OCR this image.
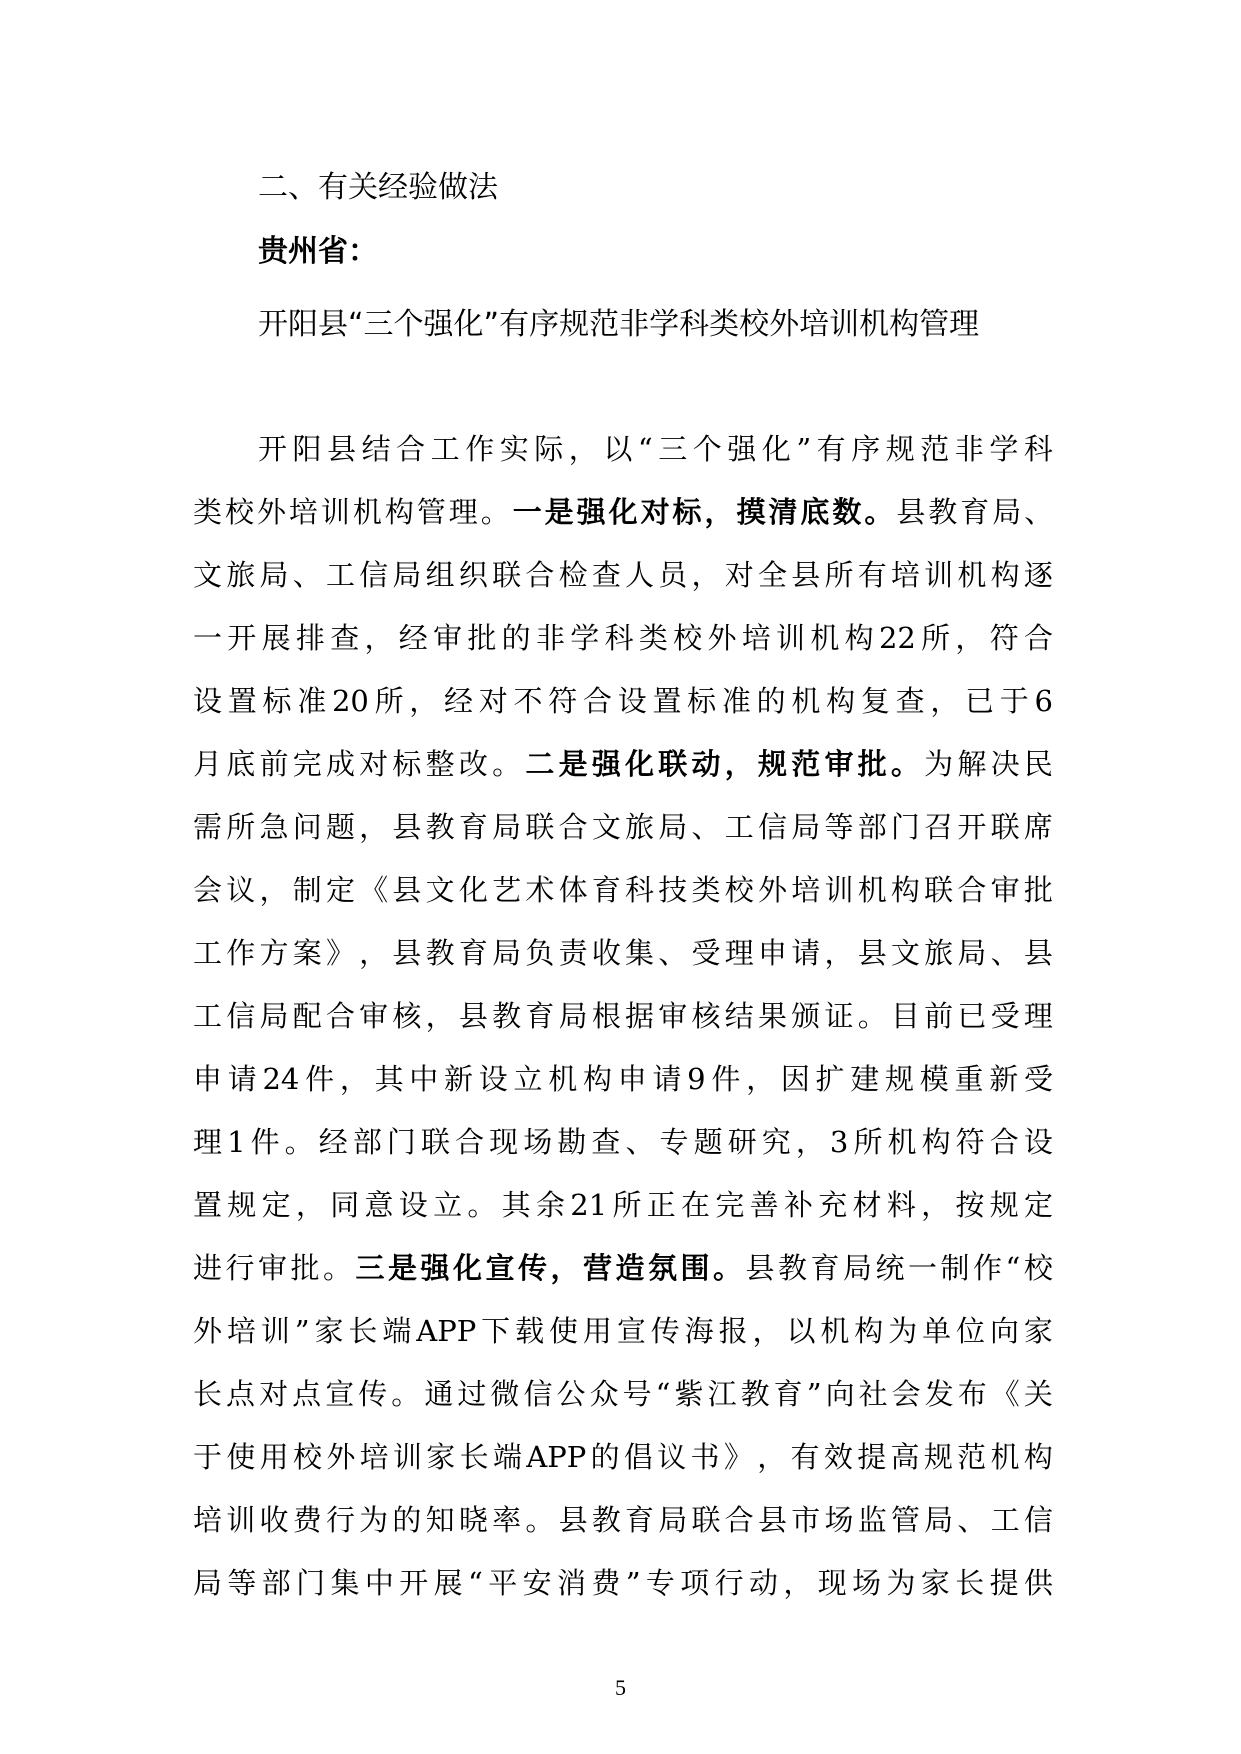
二、有关经验做法
贵州省：
开阳县“三个强化”有序规范非学科类校外培训机构管理
开 阳 县 结 合 工 作 实 际 ， 以 “ 三 个 强 化 ” 有 序 规 范 非 学 科
类 校 外 培 训 机 构 管 理 。 一 是 强 化 对 标 ， 摸 清 底 数 。 县 教 育 局 、
文 旅 局 、 工 信 局 组 织 联 合 检 查 人 员 ， 对 全 县 所 有 培 训 机 构 逐
一 开 展 排 查 ， 经 审 批 的 非 学 科 类 校 外 培 训 机 构 22 所 ， 符 合
设 置 标 准 20 所 ， 经 对 不 符 合 设 置 标 准 的 机 构 复 查 ， 已 于 6
月 底 前 完 成 对 标 整 改 。 二 是 强 化 联 动 ， 规 范 审 批 。 为 解 决 民
需 所 急 问 题 ， 县 教 育 局 联 合 文 旅 局 、 工 信 局 等 部 门 召 开 联 席
会 议 ， 制 定 《 县 文 化 艺 术 体 育 科 技 类 校 外 培 训 机 构 联 合 审 批
工 作 方 案 》 ， 县 教 育 局 负 责 收 集 、 受 理 申 请 ， 县 文 旅 局 、 县
工 信 局 配 合 审 核 ， 县 教 育 局 根 据 审 核 结 果 颁 证 。 目 前 已 受 理
申 请 24 件 ， 其 中 新 设 立 机 构 申 请 9 件 ， 因 扩 建 规 模 重 新 受
理 1 件 。 经 部 门 联 合 现 场 勘 查 、 专 题 研 究 ， 3 所 机 构 符 合 设
置 规 定 ， 同 意 设 立 。 其 余 21 所 正 在 完 善 补 充 材 料 ， 按 规 定
进 行 审 批 。 三 是 强 化 宣 传 ， 营 造 氛 围 。 县 教 育 局 统 一 制 作 “ 校
外 培 训 ” 家 长 端 APP 下 载 使 用 宣 传 海 报 ， 以 机 构 为 单 位 向 家
长 点 对 点 宣 传 。 通 过 微 信 公 众 号 “ 紫 江 教 育 ” 向 社 会 发 布 《 关
于 使 用 校 外 培 训 家 长 端 APP 的 倡 议 书 》 ， 有 效 提 高 规 范 机 构
培 训 收 费 行 为 的 知 晓 率 。 县 教 育 局 联 合 县 市 场 监 管 局 、 工 信
局 等 部 门 集 中 开 展 “ 平 安 消 费 ” 专 项 行 动 ， 现 场 为 家 长 提 供
5
